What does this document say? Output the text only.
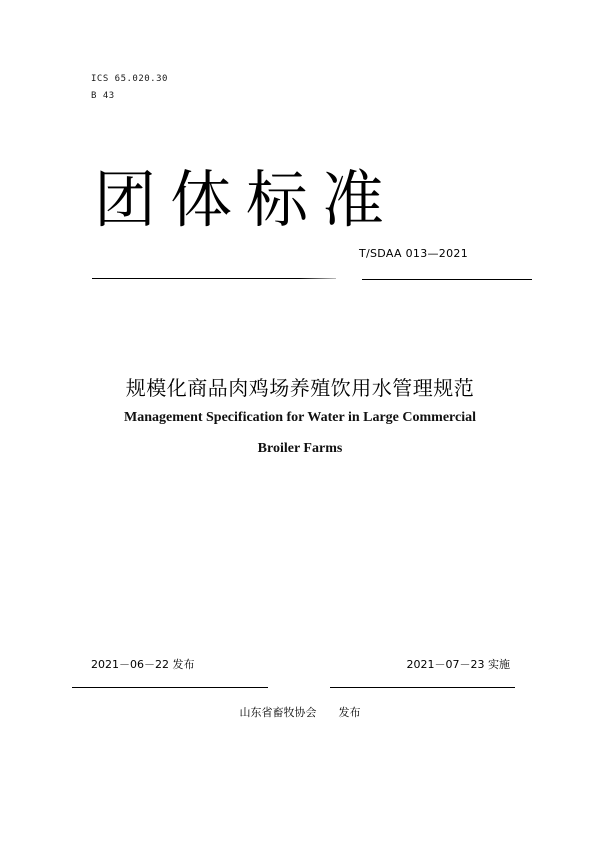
ICS 65.020.30
B 43
团 体 标 准
T/SDAA 013—2021
规模化商品肉鸡场养殖饮用水管理规范
Management Specification for Water in Large Commercial
Broiler Farms
2021－06－22 发布	2021－07－23 实施
山东省畜牧协会 发布
